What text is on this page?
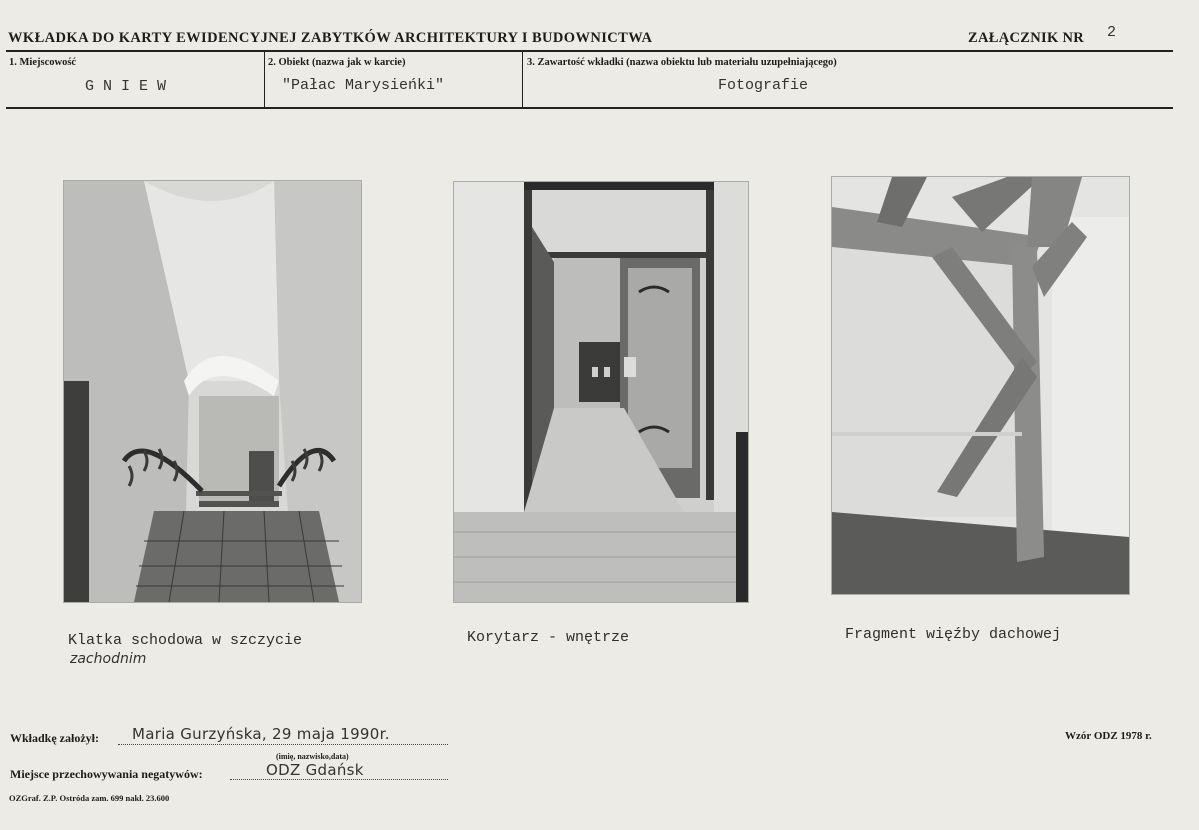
WKŁADKA DO KARTY EWIDENCYJNEJ ZABYTKÓW ARCHITEKTURY I BUDOWNICTWA	ZAŁĄCZNIK NR 2
1. Miejscowość
G N I E W
2. Obiekt (nazwa jak w karcie)
"Pałac Marysieńki"
3. Zawartość wkładki (nazwa obiektu lub materiału uzupełniającego)
Fotografie
Klatka schodowa w szczycie
zachodnim
Korytarz - wnętrze	Fragment więźby dachowej
Wkładkę założył: Maria Gurzyńska, 29 maja 1990r.
(imię, nazwisko,data)
Miejsce przechowywania negatywów:	ODZ Gdańsk
Wzór ODZ 1978 r.
OZGraf. Z.P. Ostróda zam. 699 nakł. 23.600
